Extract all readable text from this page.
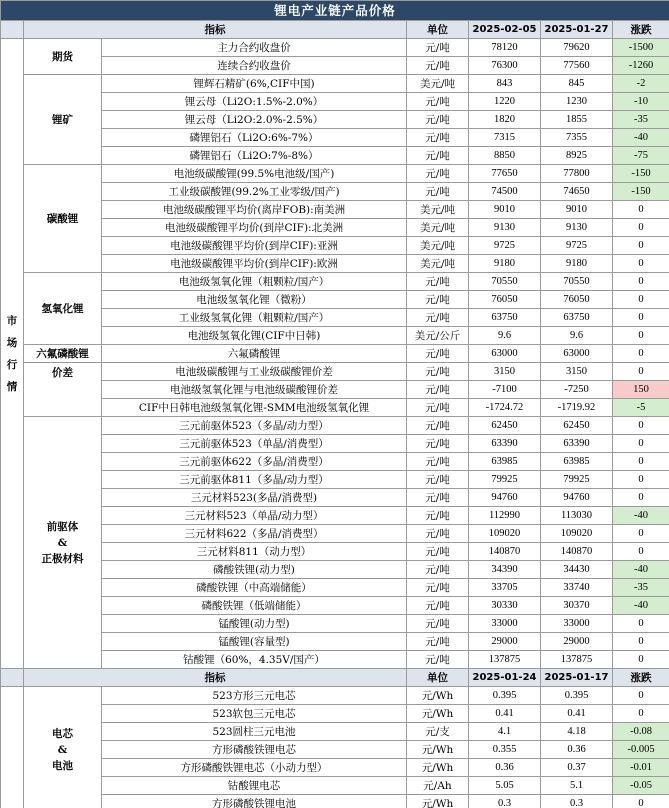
锂电产业链产品价格						
	指标		单位	2025-02-05	2025-01-27	涨跌

市
场
行
情	期货	主力合约收盘价	元/吨	78120	79620	-1500
		连续合约收盘价	元/吨	76300	77560	-1260
	锂矿	锂辉石精矿(6%,CIF中国)	美元/吨	843	845	-2
		锂云母（Li2O:1.5%-2.0%）	元/吨	1220	1230	-10
		锂云母（Li2O:2.0%-2.5%）	元/吨	1820	1855	-35
		磷锂铝石（Li2O:6%-7%）	元/吨	7315	7355	-40
		磷锂铝石（Li2O:7%-8%）	元/吨	8850	8925	-75
	碳酸锂	电池级碳酸锂(99.5%电池级/国产)	元/吨	77650	77800	-150
		工业级碳酸锂(99.2%工业零级/国产)	元/吨	74500	74650	-150
		电池级碳酸锂平均价(离岸FOB):南美洲	美元/吨	9010	9010	0
		电池级碳酸锂平均价(到岸CIF):北美洲	美元/吨	9130	9130	0
		电池级碳酸锂平均价(到岸CIF):亚洲	美元/吨	9725	9725	0
		电池级碳酸锂平均价(到岸CIF):欧洲	美元/吨	9180	9180	0
	氢氧化锂	电池级氢氧化锂（粗颗粒/国产）	元/吨	70550	70550	0
		电池级氢氧化锂（微粉）	元/吨	76050	76050	0
		工业级氢氧化锂（粗颗粒/国产）	元/吨	63750	63750	0
		电池级氢氧化锂(CIF中日韩)	美元/公斤	9.6	9.6	0
	六氟磷酸锂	六氟磷酸锂	元/吨	63000	63000	0
	价差	电池级碳酸锂与工业级碳酸锂价差	元/吨	3150	3150	0
		电池级氢氧化锂与电池级碳酸锂价差	元/吨	-7100	-7250	150
		CIF中日韩电池级氢氧化锂-SMM电池级氢氧化锂	元/吨	-1724.72	-1719.92	-5

	前驱体
&
正极材料	三元前驱体523（多晶/动力型）	元/吨	62450	62450	0
		三元前驱体523（单晶/消费型）	元/吨	63390	63390	0
		三元前驱体622（多晶/消费型）	元/吨	63985	63985	0
		三元前驱体811（多晶/动力型）	元/吨	79925	79925	0
		三元材料523(多晶/消费型)	元/吨	94760	94760	0
		三元材料523（单晶/动力型）	元/吨	112990	113030	-40
		三元材料622（多晶/消费型）	元/吨	109020	109020	0
		三元材料811（动力型）	元/吨	140870	140870	0
		磷酸铁锂(动力型)	元/吨	34390	34430	-40
		磷酸铁锂（中高端储能）	元/吨	33705	33740	-35
		磷酸铁锂（低端储能）	元/吨	30330	30370	-40
		锰酸锂(动力型)	元/吨	33000	33000	0
		锰酸锂(容量型)	元/吨	29000	29000	0
		钴酸锂（60%，4.35V/国产）	元/吨	137875	137875	0
	指标		单位	2025-01-24	2025-01-17	涨跌

	电芯
&
电池	523方形三元电芯	元/Wh	0.395	0.395	0
		523软包三元电芯	元/Wh	0.41	0.41	0
		523圆柱三元电池	元/支	4.1	4.18	-0.08
		方形磷酸铁锂电芯	元/Wh	0.355	0.36	-0.005
		方形磷酸铁锂电芯（小动力型）	元/Wh	0.36	0.37	-0.01
		钴酸锂电芯	元/Ah	5.05	5.1	-0.05
		方形磷酸铁锂电池	元/Wh	0.3	0.3	0
